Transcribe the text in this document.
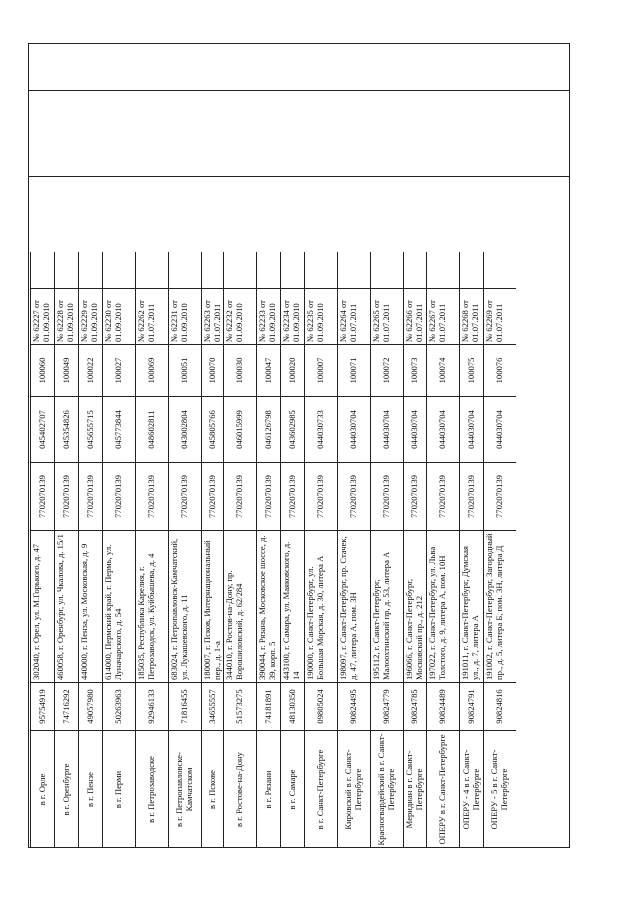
в г. Орле
95754919
302040, г. Орел, ул. М.Горького, д. 47
7702070139
045402707
100060
№ 62227 от 01.09.2010
в г. Оренбурге
74716292
460058, г. Оренбург, ул. Чкалова, д. 15/1
7702070139
045354826
100049
№ 62228 от 01.09.2010
в г. Пензе
49057980
440000, г. Пенза, ул. Московская, д. 9
7702070139
045655715
100022
№ 62229 от 01.09.2010
в г. Перми
50263963
614000, Пермский край, г. Пермь, ул. Луначарского, д. 54
7702070139
045773844
100027
№ 62230 от 01.09.2010
в г. Петрозаводске
92946133
185035, Республика Карелия, г. Петрозаводск, ул. Куйбышева, д. 4
7702070139
048602811
100069
№ 62262 от 01.07.2011
в г. Петропавловске-Камчатском
71816455
683024, г. Петропавловск-Камчатский, ул. Лукашевского, д. 11
7702070139
043002804
100051
№ 62231 от 01.09.2010
в г. Пскове
34655557
180007, г. Псков, Интернациональный пер., д. 1-а
7702070139
045805766
100070
№ 62263 от 01.07.2011
в г. Ростове-на-Дону
51573275
344010, г. Ростов-на-Дону, пр. Ворошиловский, д. 62/284
7702070139
046015999
100030
№ 62232 от 01.09.2010
в г. Рязани
74181891
390044, г. Рязань, Московское шоссе, д. 39, корп. 5
7702070139
046126798
100047
№ 62233 от 01.09.2010
в г. Самаре
48130350
443100, г. Самара, ул. Маяковского, д. 14
7702070139
043602985
100020
№ 62234 от 01.09.2010
в г. Санкт-Петербурге
09805024
190000, г. Санкт-Петербург, ул. Большая Морская, д. 30, литера А
7702070139
044030733
100007
№ 62235 от 01.09.2010
Кировский в г. Санкт-Петербурге
90824495
198097, г. Санкт-Петербург, пр. Стачек, д. 47, литера А, пом. 3Н
7702070139
044030704
100071
№ 62264 от 01.07.2011
Красногвардейский в г. Санкт-Петербурге
90824779
195112, г. Санкт-Петербург, Малоохтинский пр, д. 53, литера А
7702070139
044030704
100072
№ 62265 от 01.07.2011
Меридиан в г. Санкт-Петербурге
90824785
196066, г. Санкт-Петербург, Московский пр., д. 212
7702070139
044030704
100073
№ 62266 от 01.07.2011
ОПЕРУ в г. Санкт-Петербурге
90824489
197022, г. Санкт-Петербург, ул. Льва Толстого, д. 9, литера А, пом. 10Н
7702070139
044030704
100074
№ 62267 от 01.07.2011
ОПЕРУ - 4 в г. Санкт-Петербурге
90824791
191011, г. Санкт-Петербург, Думская ул., д. 7, литера А
7702070139
044030704
100075
№ 62268 от 01.07.2011
ОПЕРУ - 5 в г. Санкт-Петербурге
90824816
191002, г. Санкт-Петербург, Загородный пр., д. 5, литера Б, пом. 3Н, литера Д
7702070139
044030704
100076
№ 62269 от 01.07.2011
